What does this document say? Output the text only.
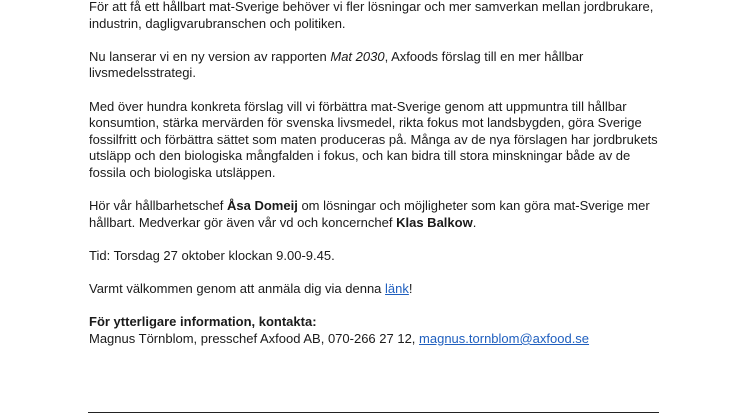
För att få ett hållbart mat-Sverige behöver vi fler lösningar och mer samverkan mellan jordbrukare, industrin, dagligvarubranschen och politiken.

Nu lanserar vi en ny version av rapporten Mat 2030, Axfoods förslag till en mer hållbar livsmedelsstrategi.

Med över hundra konkreta förslag vill vi förbättra mat-Sverige genom att uppmuntra till hållbar konsumtion, stärka mervärden för svenska livsmedel, rikta fokus mot landsbygden, göra Sverige fossilfritt och förbättra sättet som maten produceras på. Många av de nya förslagen har jordbrukets utsläpp och den biologiska mångfalden i fokus, och kan bidra till stora minskningar både av de fossila och biologiska utsläppen.

Hör vår hållbarhetschef Åsa Domeij om lösningar och möjligheter som kan göra mat-Sverige mer hållbart. Medverkar gör även vår vd och koncernchef Klas Balkow.

Tid: Torsdag 27 oktober klockan 9.00-9.45.

Varmt välkommen genom att anmäla dig via denna länk!

För ytterligare information, kontakta:
Magnus Törnblom, presschef Axfood AB, 070-266 27 12, magnus.tornblom@axfood.se
